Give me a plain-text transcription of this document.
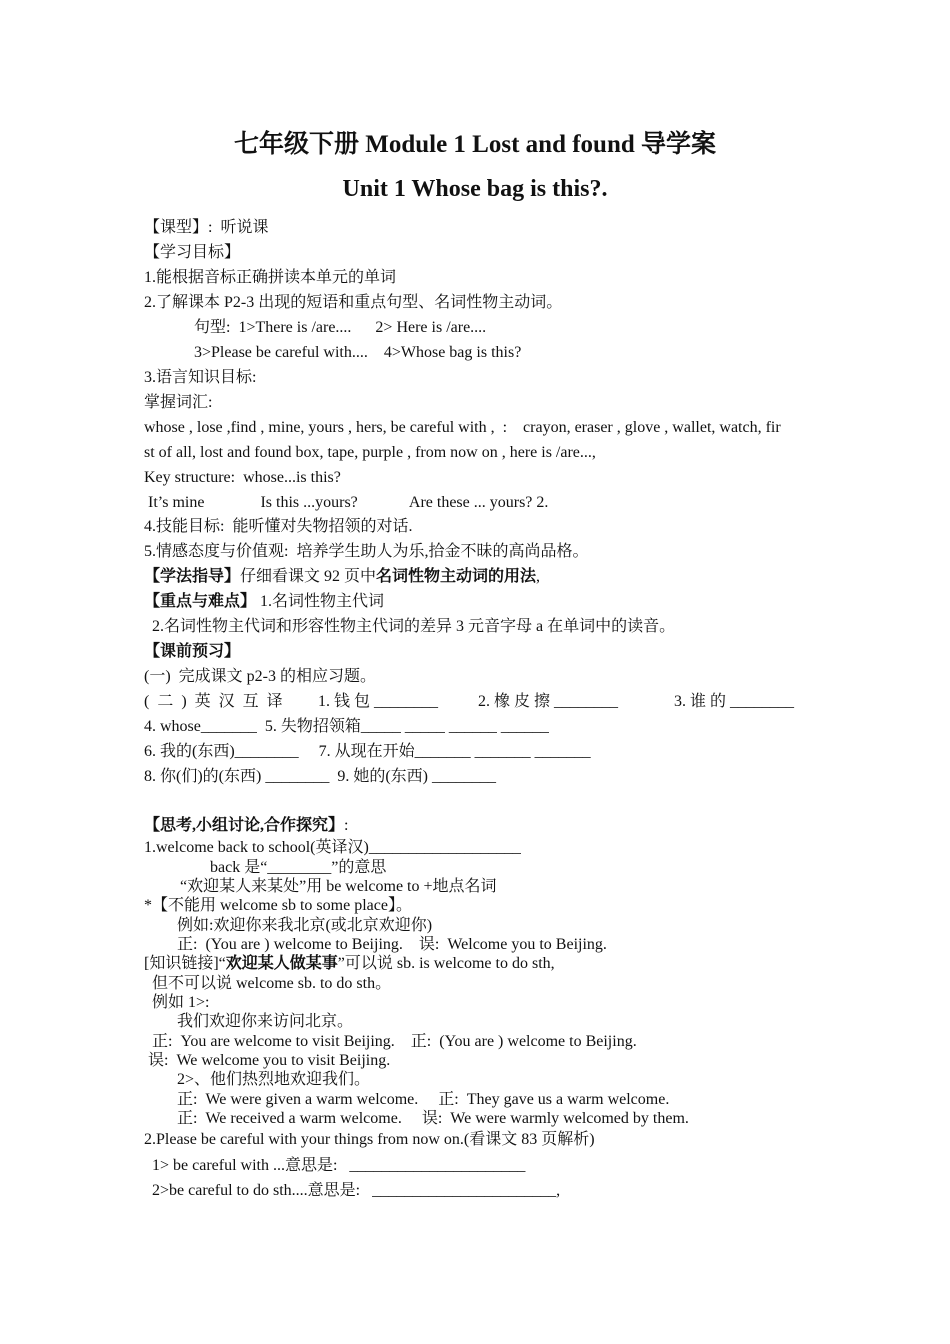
七年级下册 Module 1 Lost and found 导学案
Unit 1 Whose bag is this?.
【课型】:  听说课
【学习目标】
1.能根据音标正确拼读本单元的单词
2.了解课本 P2-3 出现的短语和重点句型、名词性物主动词。
句型:  1>There is /are....      2> Here is /are....
3>Please be careful with....    4>Whose bag is this?
3.语言知识目标:
掌握词汇:
whose , lose ,find , mine, yours , hers, be careful with ,  :    crayon, eraser , glove , wallet, watch, fir
st of all, lost and found box, tape, purple , from now on , here is /are...,
Key structure:  whose...is this?
It’s mine              Is this ...yours?             Are these ... yours? 2.
4.技能目标:  能听懂对失物招领的对话.
5.情感态度与价值观:  培养学生助人为乐,拾金不昧的高尚品格。
【学法指导】仔细看课文 92 页中名词性物主动词的用法,
【重点与难点】 1.名词性物主代词
2.名词性物主代词和形容性物主代词的差异 3 元音字母 a 在单词中的读音。
【课前预习】
(一)  完成课文 p2-3 的相应习题。
(二)英汉互译 1. 钱 包 ________ 2. 橡 皮 擦 ________	3. 谁 的 ________
4. whose_______  5. 失物招领箱_____ _____ ______ ______
6. 我的(东西)________     7. 从现在开始_______ _______ _______
8. 你(们)的(东西) ________  9. 她的(东西) ________
【思考,小组讨论,合作探究】:
1.welcome back to school(英译汉)___________________
back 是“________”的意思
“欢迎某人来某处”用 be welcome to +地点名词
*【不能用 welcome sb to some place】。
例如:欢迎你来我北京(或北京欢迎你)
正:  (You are ) welcome to Beijing.    误:  Welcome you to Beijing.
[知识链接]“欢迎某人做某事”可以说 sb. is welcome to do sth,
但不可以说 welcome sb. to do sth。
例如 1>:
我们欢迎你来访问北京。
正:  You are welcome to visit Beijing.    正:  (You are ) welcome to Beijing.
误:  We welcome you to visit Beijing.
2>、他们热烈地欢迎我们。
正:  We were given a warm welcome.     正:  They gave us a warm welcome.
正:  We received a warm welcome.     误:  We were warmly welcomed by them.
2.Please be careful with your things from now on.(看课文 83 页解析)
1> be careful with ...意思是:   ______________________
2>be careful to do sth....意思是:   _______________________,
